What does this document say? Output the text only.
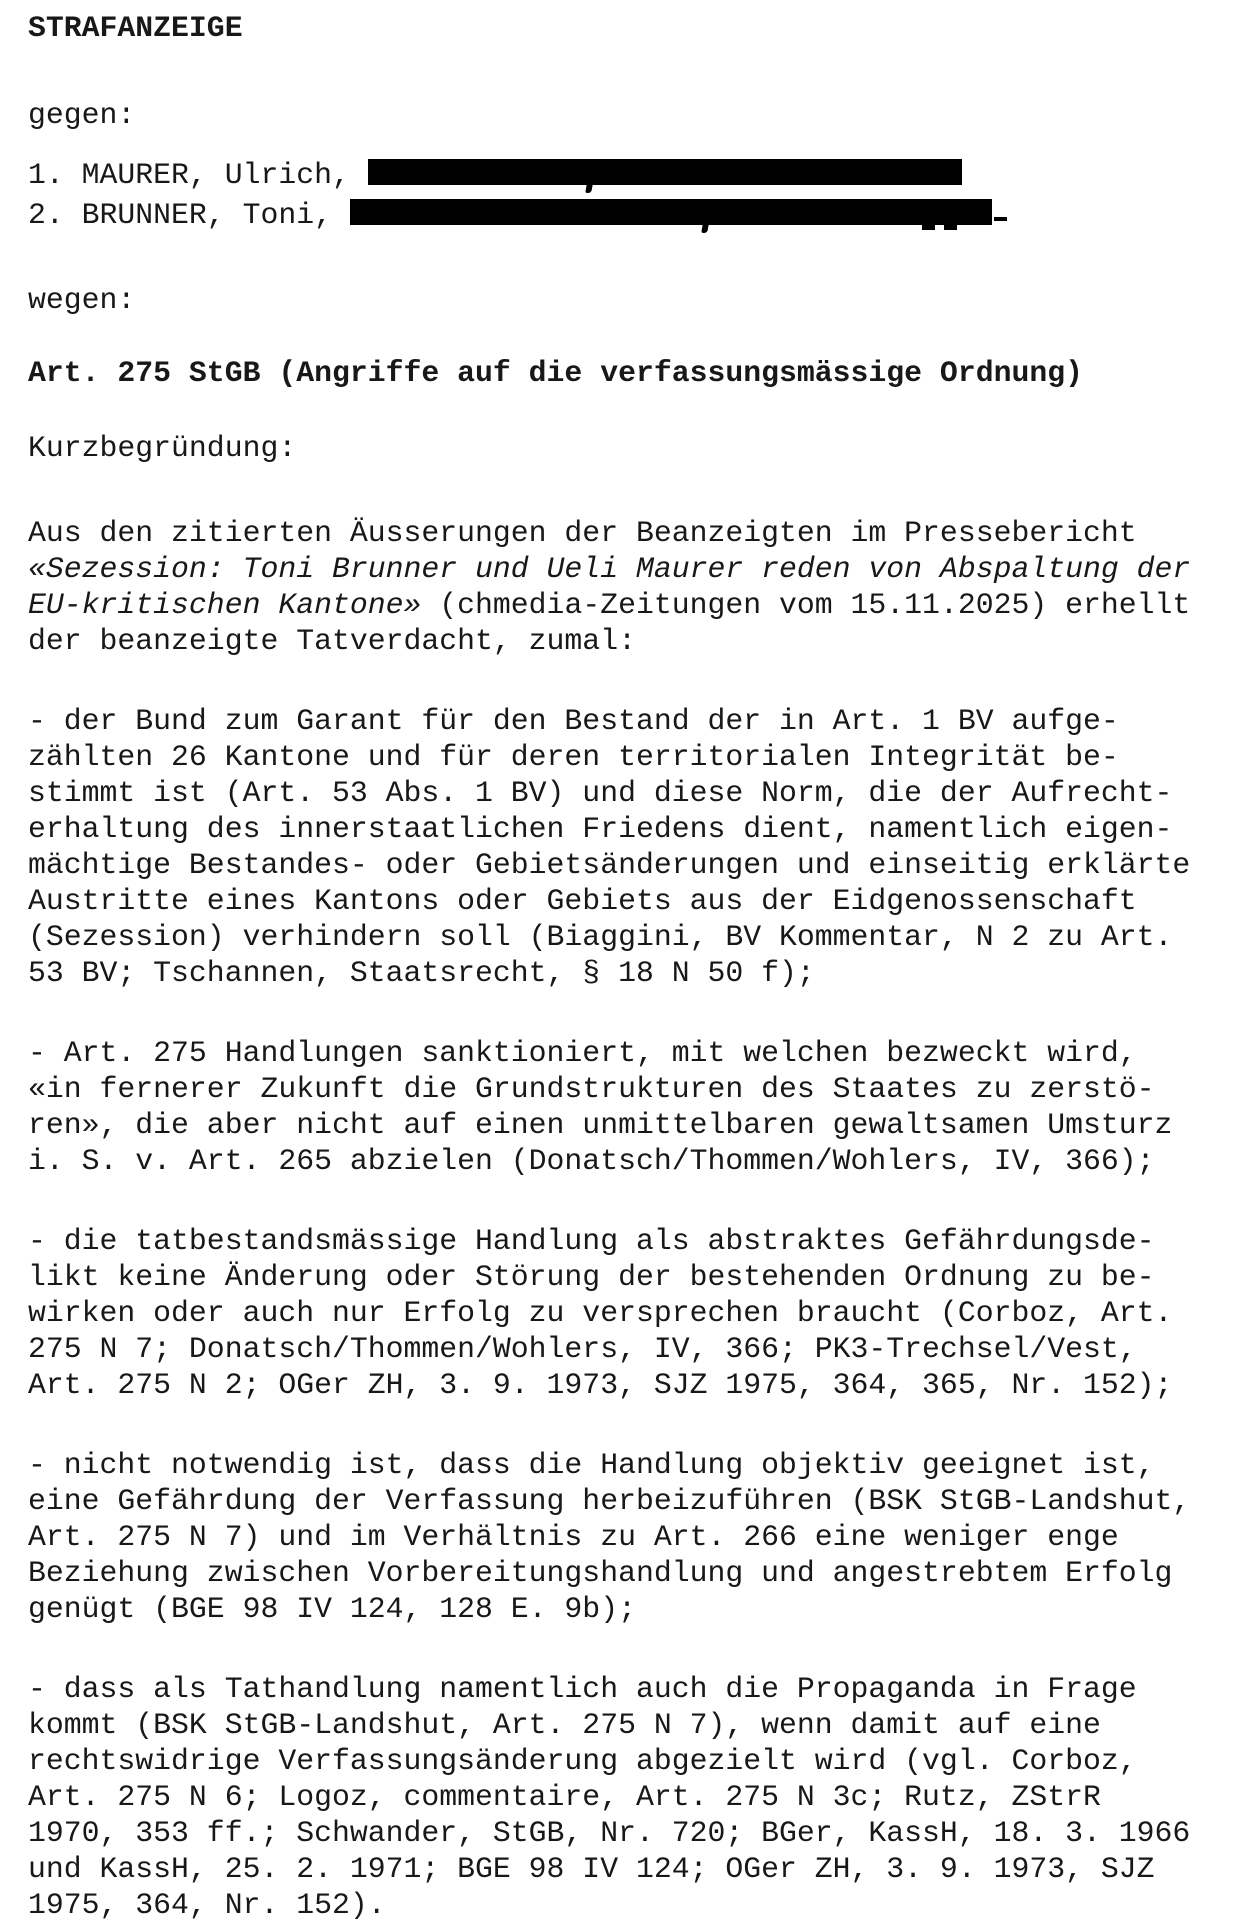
STRAFANZEIGE
gegen:
1. MAURER, Ulrich,
2. BRUNNER, Toni,
wegen:
Art. 275 StGB (Angriffe auf die verfassungsmässige Ordnung)
Kurzbegründung:
Aus den zitierten Äusserungen der Beanzeigten im Pressebericht
«Sezession: Toni Brunner und Ueli Maurer reden von Abspaltung der
EU-kritischen Kantone» (chmedia-Zeitungen vom 15.11.2025) erhellt
der beanzeigte Tatverdacht, zumal:
- der Bund zum Garant für den Bestand der in Art. 1 BV aufge-
zählten 26 Kantone und für deren territorialen Integrität be-
stimmt ist (Art. 53 Abs. 1 BV) und diese Norm, die der Aufrecht-
erhaltung des innerstaatlichen Friedens dient, namentlich eigen-
mächtige Bestandes- oder Gebietsänderungen und einseitig erklärte
Austritte eines Kantons oder Gebiets aus der Eidgenossenschaft
(Sezession) verhindern soll (Biaggini, BV Kommentar, N 2 zu Art.
53 BV; Tschannen, Staatsrecht, § 18 N 50 f);
- Art. 275 Handlungen sanktioniert, mit welchen bezweckt wird,
«in fernerer Zukunft die Grundstrukturen des Staates zu zerstö-
ren», die aber nicht auf einen unmittelbaren gewaltsamen Umsturz
i. S. v. Art. 265 abzielen (Donatsch/Thommen/Wohlers, IV, 366);
- die tatbestandsmässige Handlung als abstraktes Gefährdungsde-
likt keine Änderung oder Störung der bestehenden Ordnung zu be-
wirken oder auch nur Erfolg zu versprechen braucht (Corboz, Art.
275 N 7; Donatsch/Thommen/Wohlers, IV, 366; PK3-Trechsel/Vest,
Art. 275 N 2; OGer ZH, 3. 9. 1973, SJZ 1975, 364, 365, Nr. 152);
- nicht notwendig ist, dass die Handlung objektiv geeignet ist,
eine Gefährdung der Verfassung herbeizuführen (BSK StGB-Landshut,
Art. 275 N 7) und im Verhältnis zu Art. 266 eine weniger enge
Beziehung zwischen Vorbereitungshandlung und angestrebtem Erfolg
genügt (BGE 98 IV 124, 128 E. 9b);
- dass als Tathandlung namentlich auch die Propaganda in Frage
kommt (BSK StGB-Landshut, Art. 275 N 7), wenn damit auf eine
rechtswidrige Verfassungsänderung abgezielt wird (vgl. Corboz,
Art. 275 N 6; Logoz, commentaire, Art. 275 N 3c; Rutz, ZStrR
1970, 353 ff.; Schwander, StGB, Nr. 720; BGer, KassH, 18. 3. 1966
und KassH, 25. 2. 1971; BGE 98 IV 124; OGer ZH, 3. 9. 1973, SJZ
1975, 364, Nr. 152).
